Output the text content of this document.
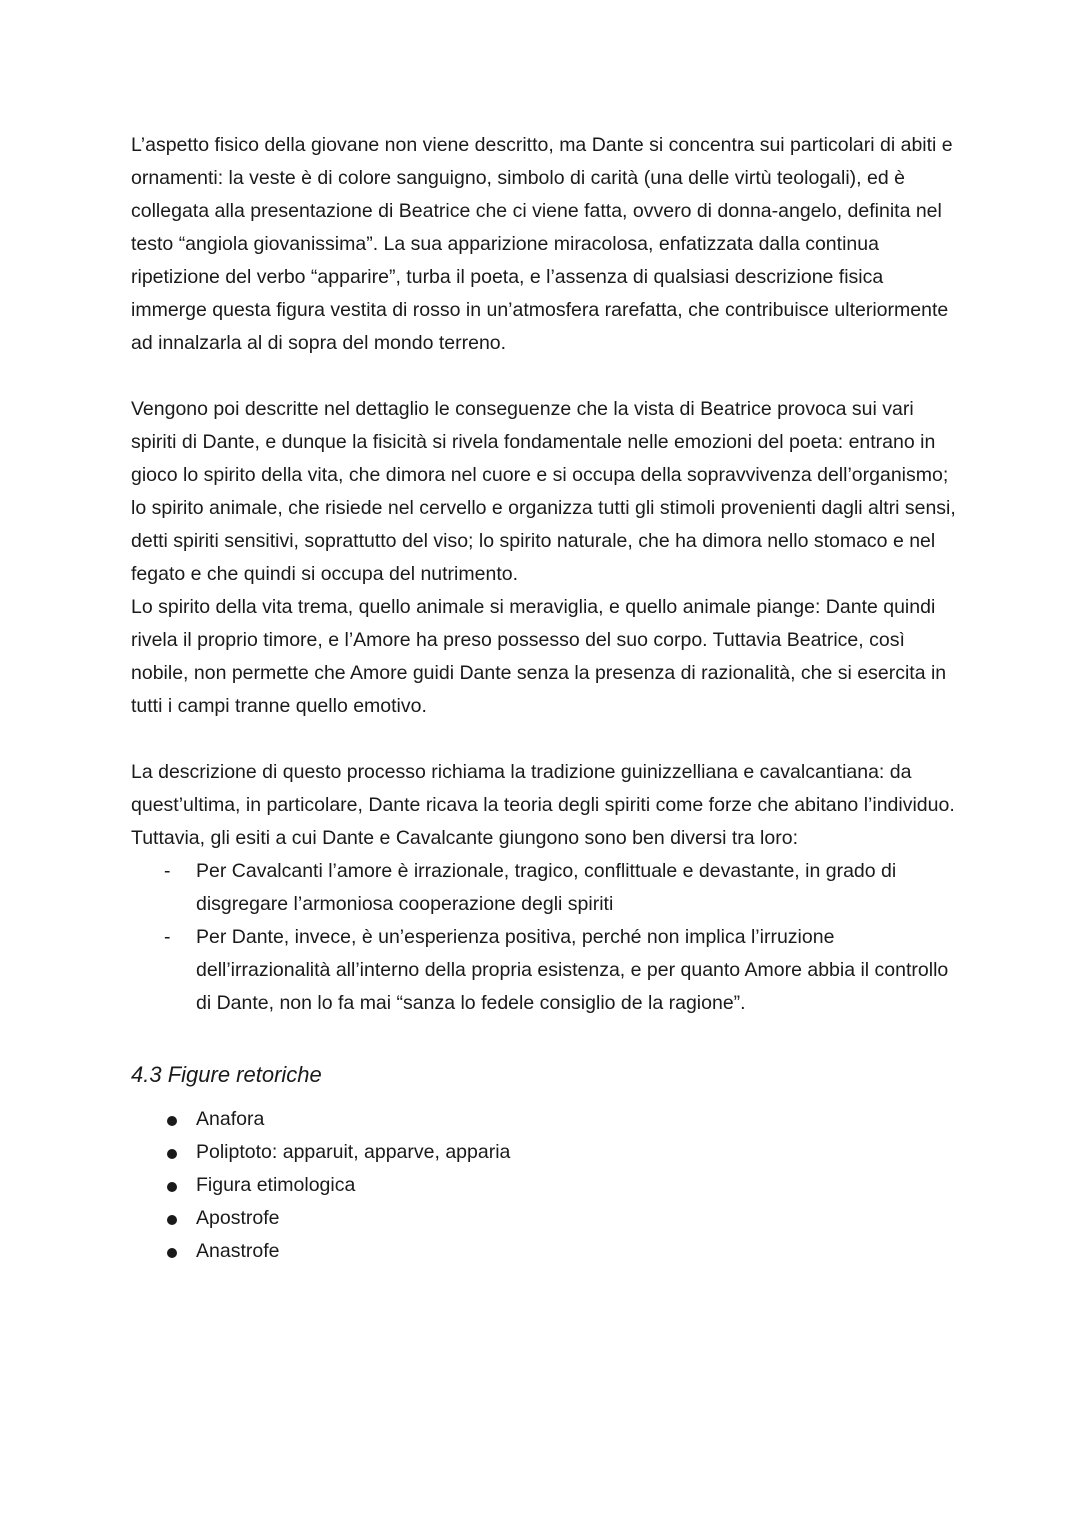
L’aspetto fisico della giovane non viene descritto, ma Dante si concentra sui particolari di abiti e ornamenti: la veste è di colore sanguigno, simbolo di carità (una delle virtù teologali), ed è collegata alla presentazione di Beatrice che ci viene fatta, ovvero di donna-angelo, definita nel testo “angiola giovanissima”. La sua apparizione miracolosa, enfatizzata dalla continua ripetizione del verbo “apparire”, turba il poeta, e l’assenza di qualsiasi descrizione fisica immerge questa figura vestita di rosso in un’atmosfera rarefatta, che contribuisce ulteriormente ad innalzarla al di sopra del mondo terreno.

Vengono poi descritte nel dettaglio le conseguenze che la vista di Beatrice provoca sui vari spiriti di Dante, e dunque la fisicità si rivela fondamentale nelle emozioni del poeta: entrano in gioco lo spirito della vita, che dimora nel cuore e si occupa della sopravvivenza dell’organismo; lo spirito animale, che risiede nel cervello e organizza tutti gli stimoli provenienti dagli altri sensi, detti spiriti sensitivi, soprattutto del viso; lo spirito naturale, che ha dimora nello stomaco e nel fegato e che quindi si occupa del nutrimento.

Lo spirito della vita trema, quello animale si meraviglia, e quello animale piange: Dante quindi rivela il proprio timore, e l’Amore ha preso possesso del suo corpo. Tuttavia Beatrice, così nobile, non permette che Amore guidi Dante senza la presenza di razionalità, che si esercita in tutti i campi tranne quello emotivo.

La descrizione di questo processo richiama la tradizione guinizzelliana e cavalcantiana: da quest’ultima, in particolare, Dante ricava la teoria degli spiriti come forze che abitano l’individuo. Tuttavia, gli esiti a cui Dante e Cavalcante giungono sono ben diversi tra loro:

- Per Cavalcanti l’amore è irrazionale, tragico, conflittuale e devastante, in grado di disgregare l’armoniosa cooperazione degli spiriti
- Per Dante, invece, è un’esperienza positiva, perché non implica l’irruzione dell’irrazionalità all’interno della propria esistenza, e per quanto Amore abbia il controllo di Dante, non lo fa mai “sanza lo fedele consiglio de la ragione”.
4.3 Figure retoriche
Anafora
Poliptoto: apparuit, apparve, apparia
Figura etimologica
Apostrofe
Anastrofe
